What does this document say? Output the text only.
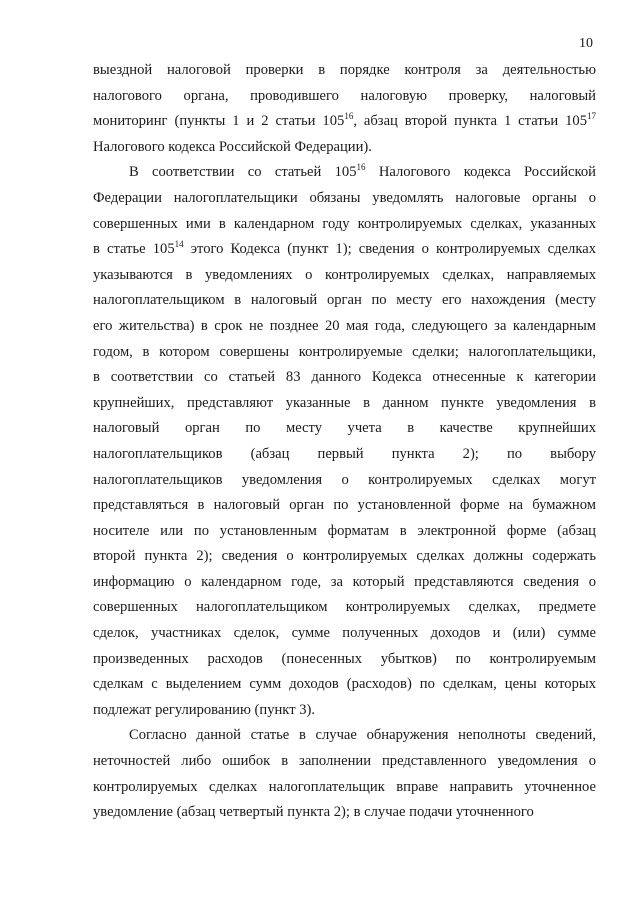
10

выездной налоговой проверки в порядке контроля за деятельностью

налогового органа, проводившего налоговую проверку, налоговый

мониторинг (пункты 1 и 2 статьи $105^{16}$, абзац второй пункта 1 статьи $105^{17}$

Налогового кодекса Российской Федерации).

В соответствии со статьей $105^{16}$ Налогового кодекса Российской

Федерации налогоплательщики обязаны уведомлять налоговые органы о

совершенных ими в календарном году контролируемых сделках, указанных

в статье $105^{14}$ этого Кодекса (пункт 1); сведения о контролируемых сделках

указываются в уведомлениях о контролируемых сделках, направляемых

налогоплательщиком в налоговый орган по месту его нахождения (месту

его жительства) в срок не позднее 20 мая года, следующего за календарным

годом, в котором совершены контролируемые сделки; налогоплательщики,

в соответствии со статьей 83 данного Кодекса отнесенные к категории

крупнейших, представляют указанные в данном пункте уведомления в

налоговый орган по месту учета в качестве крупнейших

налогоплательщиков (абзац первый пункта 2); по выбору

налогоплательщиков уведомления о контролируемых сделках могут

представляться в налоговый орган по установленной форме на бумажном

носителе или по установленным форматам в электронной форме (абзац

второй пункта 2); сведения о контролируемых сделках должны содержать

информацию о календарном годе, за который представляются сведения о

совершенных налогоплательщиком контролируемых сделках, предмете

сделок, участниках сделок, сумме полученных доходов и (или) сумме

произведенных расходов (понесенных убытков) по контролируемым

сделкам с выделением сумм доходов (расходов) по сделкам, цены которых

подлежат регулированию (пункт 3).

Согласно данной статье в случае обнаружения неполноты сведений,

неточностей либо ошибок в заполнении представленного уведомления о

контролируемых сделках налогоплательщик вправе направить уточненное

уведомление (абзац четвертый пункта 2); в случае подачи уточненного
